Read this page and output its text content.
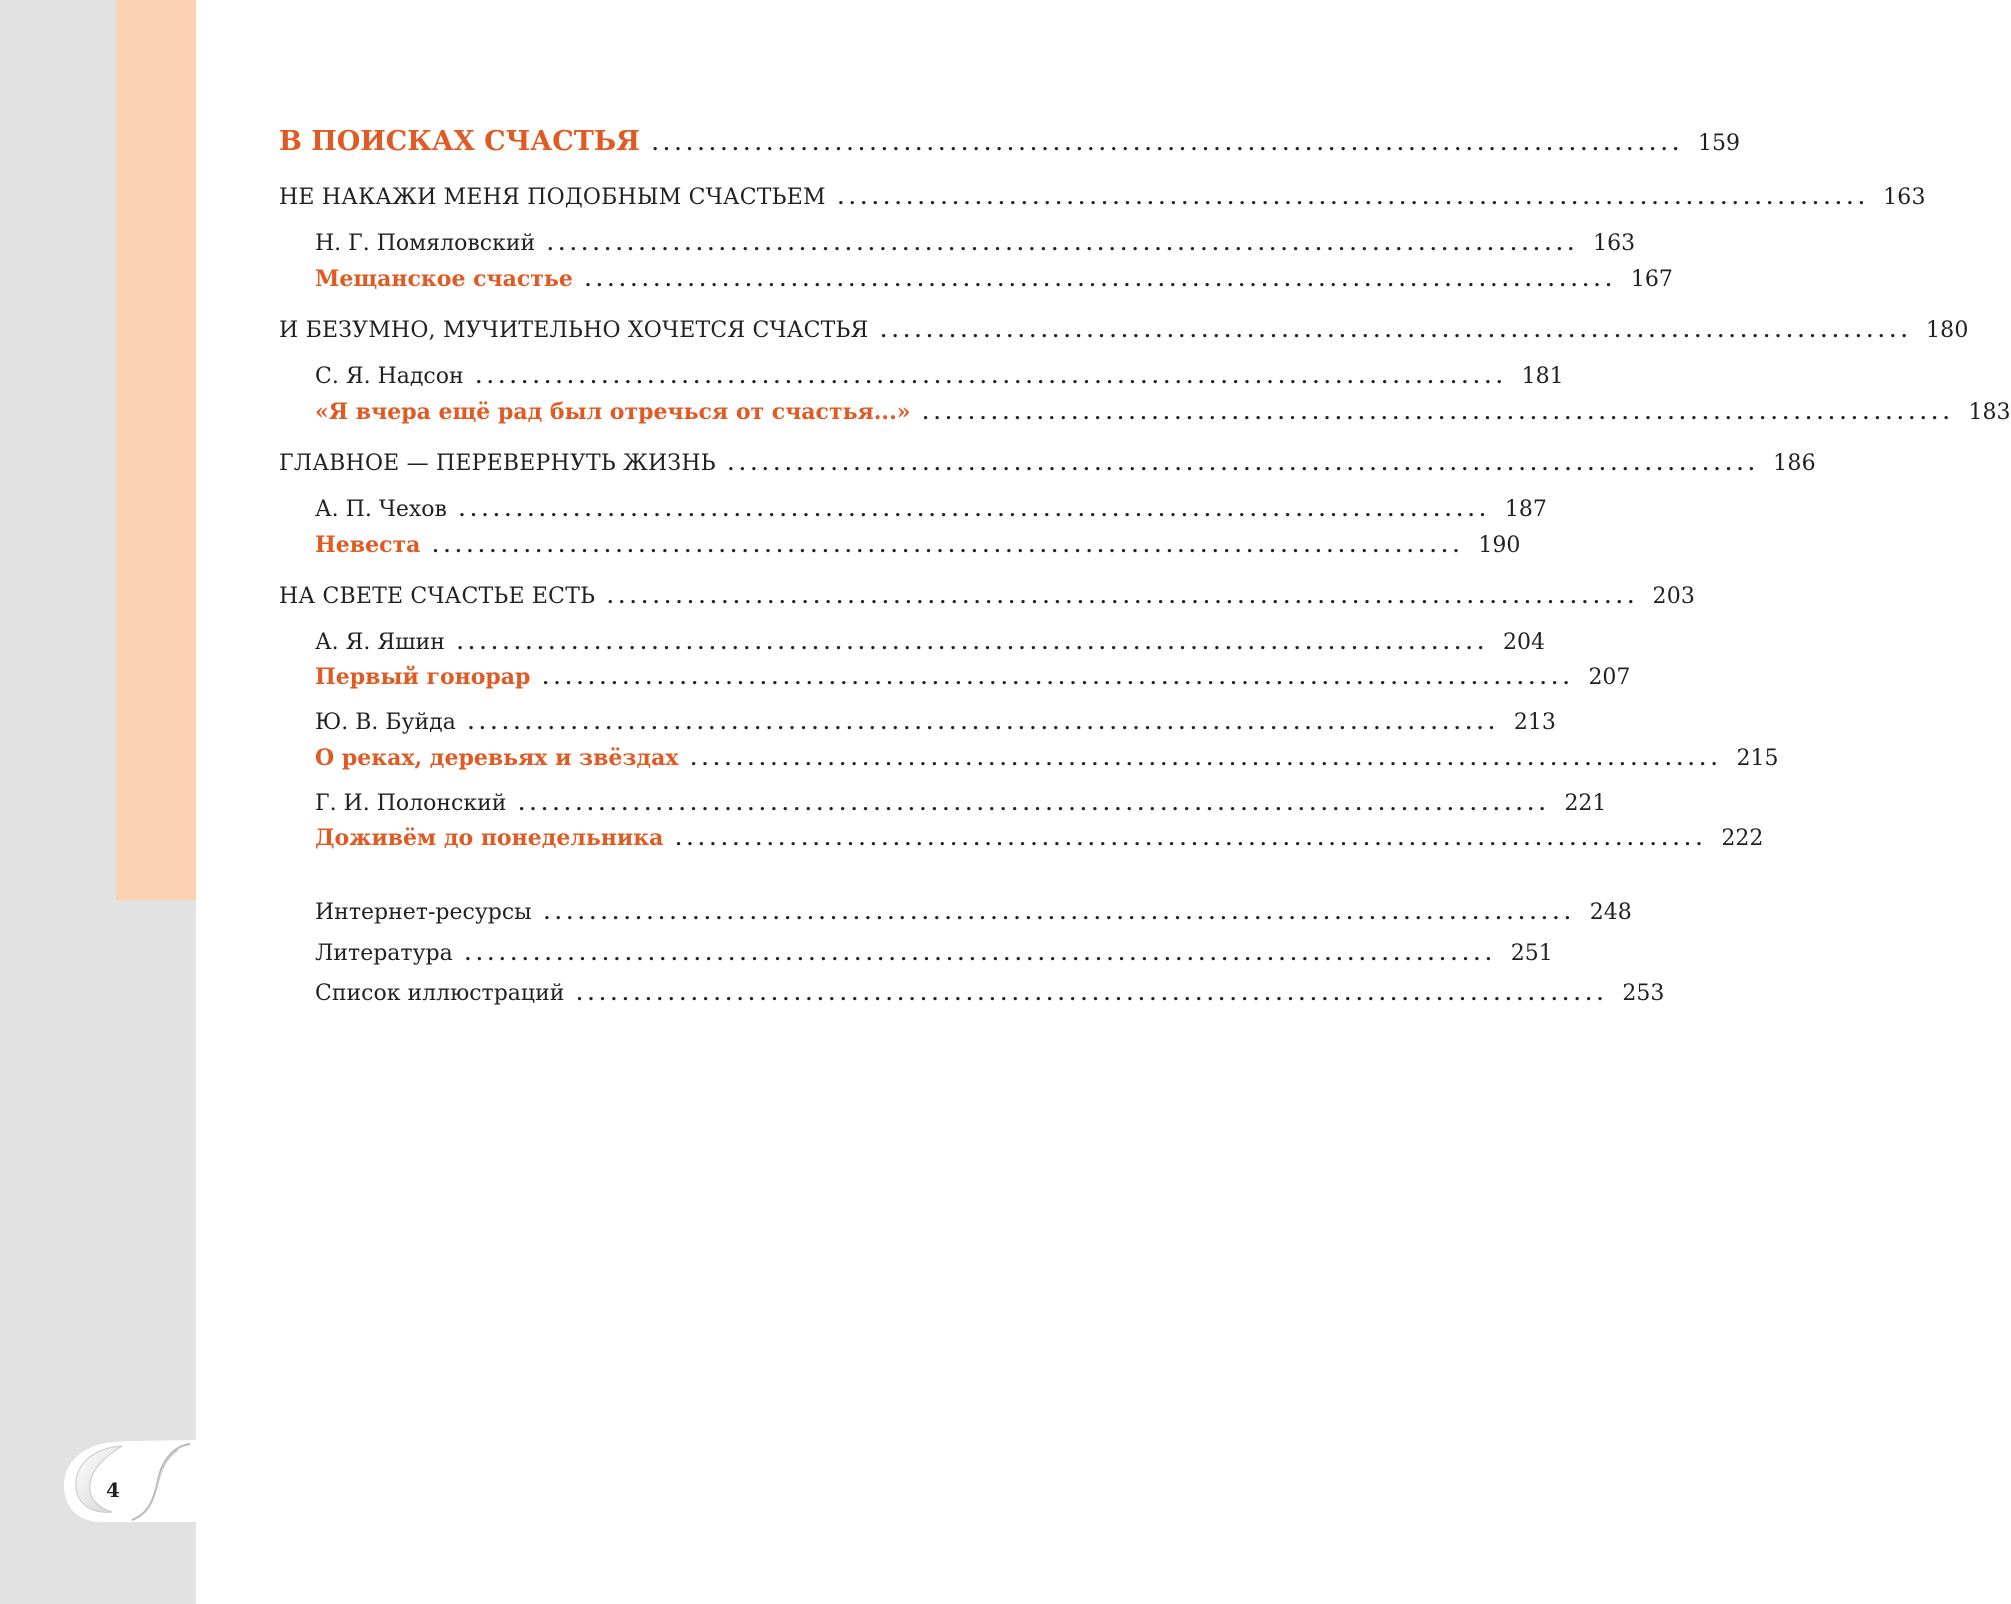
В ПОИСКАХ СЧАСТЬЯ .......................................................................................... 159
НЕ НАКАЖИ МЕНЯ ПОДОБНЫМ СЧАСТЬЕМ .......................................................................................... 163
Н. Г. Помяловский .......................................................................................... 163
Мещанское счастье .......................................................................................... 167
И БЕЗУМНО, МУЧИТЕЛЬНО ХОЧЕТСЯ СЧАСТЬЯ .......................................................................................... 180
С. Я. Надсон .......................................................................................... 181
«Я вчера ещё рад был отречься от счастья...» .......................................................................................... 183
ГЛАВНОЕ — ПЕРЕВЕРНУТЬ ЖИЗНЬ .......................................................................................... 186
А. П. Чехов .......................................................................................... 187
Невеста .......................................................................................... 190
НА СВЕТЕ СЧАСТЬЕ ЕСТЬ .......................................................................................... 203
А. Я. Яшин .......................................................................................... 204
Первый гонорар .......................................................................................... 207
Ю. В. Буйда .......................................................................................... 213
О реках, деревьях и звёздах .......................................................................................... 215
Г. И. Полонский .......................................................................................... 221
Доживём до понедельника .......................................................................................... 222
Интернет-ресурсы .......................................................................................... 248
Литература .......................................................................................... 251
Список иллюстраций .......................................................................................... 253
4
